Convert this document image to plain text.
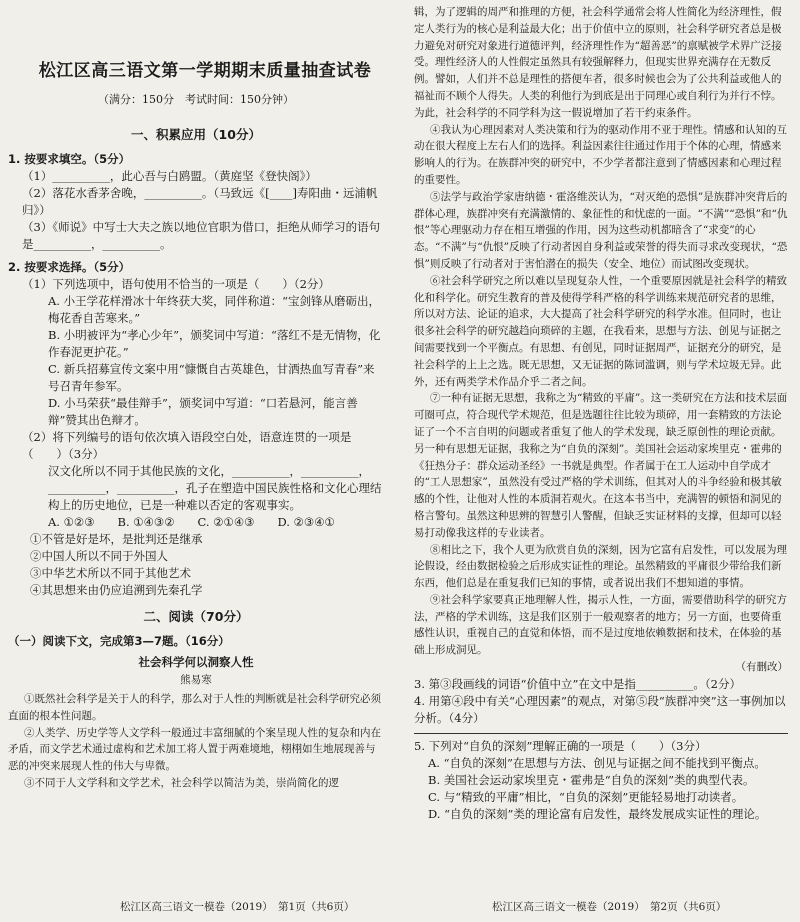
松江区高三语文第一学期期末质量抽查试卷
（满分：150分　考试时间：150分钟）
一、积累应用（10分）

1. 按要求填空。（5分）

（1）__________，此心吾与白鸥盟。（黄庭坚《登快阁》）

（2）落花水香茅舍晚，__________。（马致远《[____]寿阳曲・远浦帆归》）

（3）《师说》中写士大夫之族以地位官职为借口，拒绝从师学习的语句是__________，__________。

2. 按要求选择。（5分）

（1）下列选项中，语句使用不恰当的一项是（　　）（2分）

A. 小王学花样滑冰十年终获大奖，同伴称道：“宝剑锋从磨砺出，梅花香自苦寒来。”

B. 小明被评为“孝心少年”，颁奖词中写道：“落红不是无情物，化作春泥更护花。”

C. 新兵招募宣传文案中用“慷慨自古英雄色，甘洒热血写青春”来号召青年参军。

D. 小马荣获“最佳辩手”，颁奖词中写道：“口若悬河，能言善辩”赞其出色辩才。

（2）将下列编号的语句依次填入语段空白处，语意连贯的一项是（　　）（3分）

汉文化所以不同于其他民族的文化，__________，__________，__________，__________，孔子在塑造中国民族性格和文化心理结构上的历史地位，已是一种难以否定的客观事实。

A. ①②③　　B. ①④③②　　C. ②①④③　　D. ②③④①

①不管是好是坏，是批判还是继承

②中国人所以不同于外国人

③中华艺术所以不同于其他艺术

④其思想来由仍应追溯到先秦孔学

二、阅读（70分）

（一）阅读下文，完成第3—7题。（16分）

社会科学何以洞察人性
熊易寒

①既然社会科学是关于人的科学，那么对于人性的判断就是社会科学研究必须直面的根本性问题。

②人类学、历史学等人文学科一般通过丰富细腻的个案呈现人性的复杂和内在矛盾，而文学艺术通过虚构和艺术加工将人置于两难境地，栩栩如生地展现善与恶的冲突来展现人性的伟大与卑微。

③不同于人文学科和文学艺术，社会科学以简洁为美，崇尚简化的逻

松江区高三语文一模卷（2019）　第1页（共6页）

辑，为了逻辑的周严和推理的方便，社会科学通常会将人性简化为经济理性，假定人类行为的核心是利益最大化；出于价值中立的原则，社会科学研究者总是极力避免对研究对象进行道德评判，经济理性作为“超善恶”的禀赋被学术界广泛接受。理性经济人的人性假定虽然具有较强解释力，但现实世界充满存在无数反例。譬如，人们并不总是理性的搭便车者，很多时候也会为了公共利益或他人的福祉而不顾个人得失。人类的利他行为到底是出于同理心或自利行为并行不悖。为此，社会科学的不同学科为这一假说增加了若干约束条件。

④我认为心理因素对人类决策和行为的驱动作用不亚于理性。情感和认知的互动在很大程度上左右人们的选择。利益因素往往通过作用于个体的心理，情感来影响人的行为。在族群冲突的研究中，不少学者都注意到了情感因素和心理过程的重要性。

⑤法学与政治学家唐纳德・霍洛维茨认为，“对灭绝的恐惧”是族群冲突背后的群体心理，族群冲突有充满激情的、象征性的和忧虑的一面。“不满”“恐惧”和“仇恨”等心理驱动力存在相互增强的作用，因为这些动机都暗含了“求变”的心态。“不满”与“仇恨”反映了行动者因自身利益或荣誉的得失而寻求改变现状，“恐惧”则反映了行动者对于害怕潜在的损失（安全、地位）而试图改变现状。

⑥社会科学研究之所以难以呈现复杂人性，一个重要原因就是社会科学的精致化和科学化。研究生教育的普及使得学科严格的科学训练来规范研究者的思维，所以对方法、论证的追求，大大提高了社会科学研究的科学水准。但同时，也让很多社会科学的研究越趋向琐碎的主题，在我看来，思想与方法、创见与证据之间需要找到一个平衡点。有思想、有创见，同时证据周严，证据充分的研究，是社会科学的上上之选。既无思想，又无证据的陈词滥调，则与学术垃圾无异。此外，还有两类学术作品介乎二者之间。

⑦一种有证据无思想，我称之为“精致的平庸”。这一类研究在方法和技术层面可圈可点，符合现代学术规范，但是选题往往比较为琐碎，用一套精致的方法论证了一个不言自明的问题或者重复了他人的学术发现，缺乏原创性的理论贡献。另一种有思想无证据，我称之为“自负的深刻”。美国社会运动家埃里克・霍弗的《狂热分子：群众运动圣经》一书就是典型。作者属于在工人运动中自学成才的“工人思想家”，虽然没有受过严格的学术训练，但其对人的斗争经验和极其敏感的个性，让他对人性的本质洞若观火。在这本书当中，充满智的顿悟和洞见的格言警句。虽然这种思辨的智慧引人警醒，但缺乏实证材料的支撑，但却可以轻易打动像我这样的专业读者。

⑧相比之下，我个人更为欣赏自负的深刻，因为它富有启发性，可以发展为理论假设，经由数据检验之后形成实证性的理论。虽然精致的平庸很少带给我们新东西，他们总是在重复我们已知的事情，或者说出我们不想知道的事情。

⑨社会科学家要真正地理解人性，揭示人性，一方面，需要借助科学的研究方法，严格的学术训练，这是我们区别于一般观察者的地方；另一方面，也要倚重感性认识，重视自己的直觉和体悟，而不是过度地依赖数据和技术，在体验的基础上形成洞见。

（有删改）

3. 第③段画线的词语“价值中立”在文中是指__________。（2分）

4. 用第④段中有关“心理因素”的观点，对第⑤段“族群冲突”这一事例加以分析。（4分）

5. 下列对“自负的深刻”理解正确的一项是（　　）（3分）

A. “自负的深刻”在思想与方法、创见与证据之间不能找到平衡点。

B. 美国社会运动家埃里克・霍弗是“自负的深刻”类的典型代表。

C. 与“精致的平庸”相比，“自负的深刻”更能轻易地打动读者。

D. “自负的深刻”类的理论富有启发性，最终发展成实证性的理论。

松江区高三语文一模卷（2019）　第2页（共6页）
